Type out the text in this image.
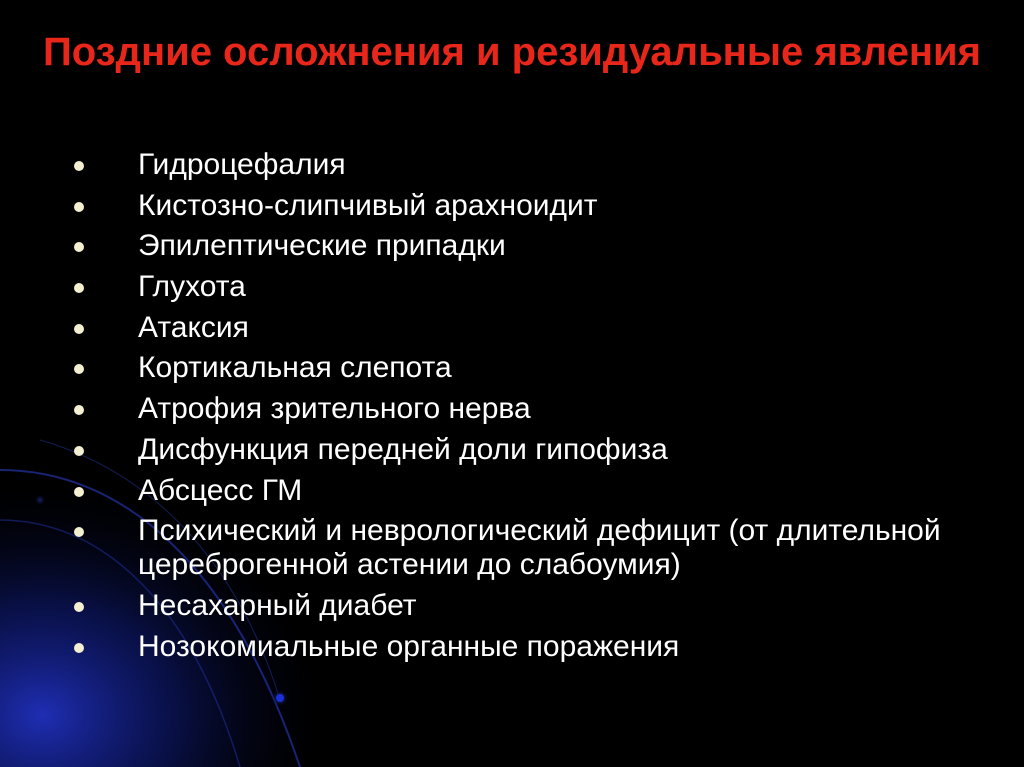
Поздние осложнения и резидуальные явления
Гидроцефалия
Кистозно-слипчивый арахноидит
Эпилептические припадки
Глухота
Атаксия
Кортикальная слепота
Атрофия зрительного нерва
Дисфункция передней доли гипофиза
Абсцесс ГМ
Психический и неврологический дефицит (от длительной цереброгенной астении до слабоумия)
Несахарный диабет
Нозокомиальные органные поражения
